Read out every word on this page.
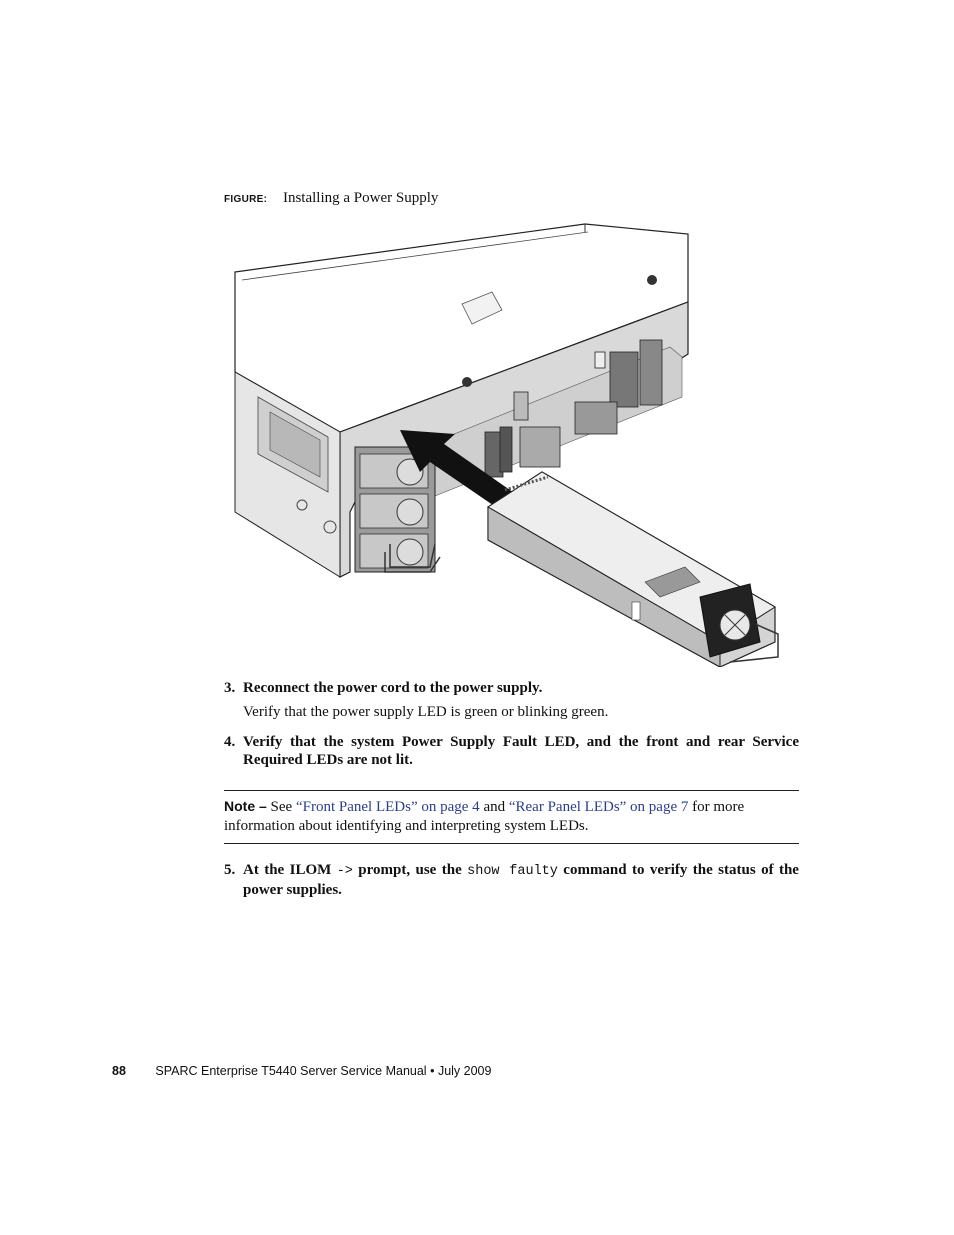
FIGURE: Installing a Power Supply
3. Reconnect the power cord to the power supply.
Verify that the power supply LED is green or blinking green.
4. Verify that the system Power Supply Fault LED, and the front and rear Service Required LEDs are not lit.
Note – See “Front Panel LEDs” on page 4 and “Rear Panel LEDs” on page 7 for more information about identifying and interpreting system LEDs.
5. At the ILOM -> prompt, use the show faulty command to verify the status of the power supplies.
88 SPARC Enterprise T5440 Server Service Manual • July 2009
